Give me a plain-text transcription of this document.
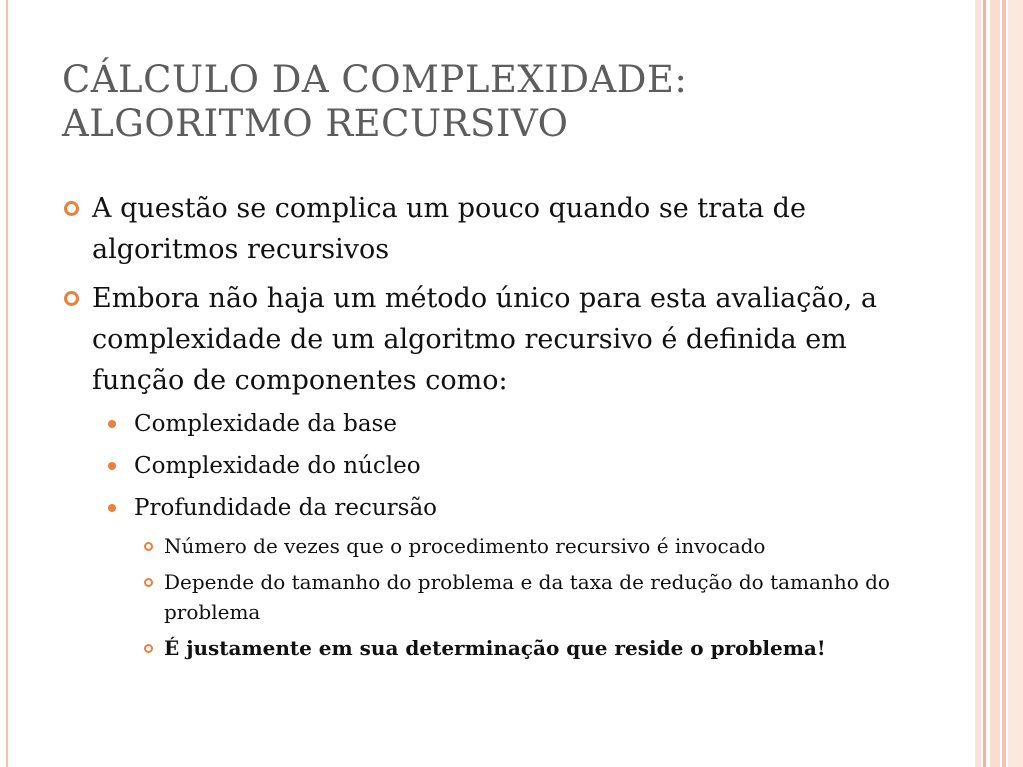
CÁLCULO DA COMPLEXIDADE:
ALGORITMO RECURSIVO
A questão se complica um pouco quando se trata de algoritmos recursivos
Embora não haja um método único para esta avaliação, a complexidade de um algoritmo recursivo é definida em função de componentes como:
Complexidade da base
Complexidade do núcleo
Profundidade da recursão
Número de vezes que o procedimento recursivo é invocado
Depende do tamanho do problema e da taxa de redução do tamanho do problema
É justamente em sua determinação que reside o problema!
